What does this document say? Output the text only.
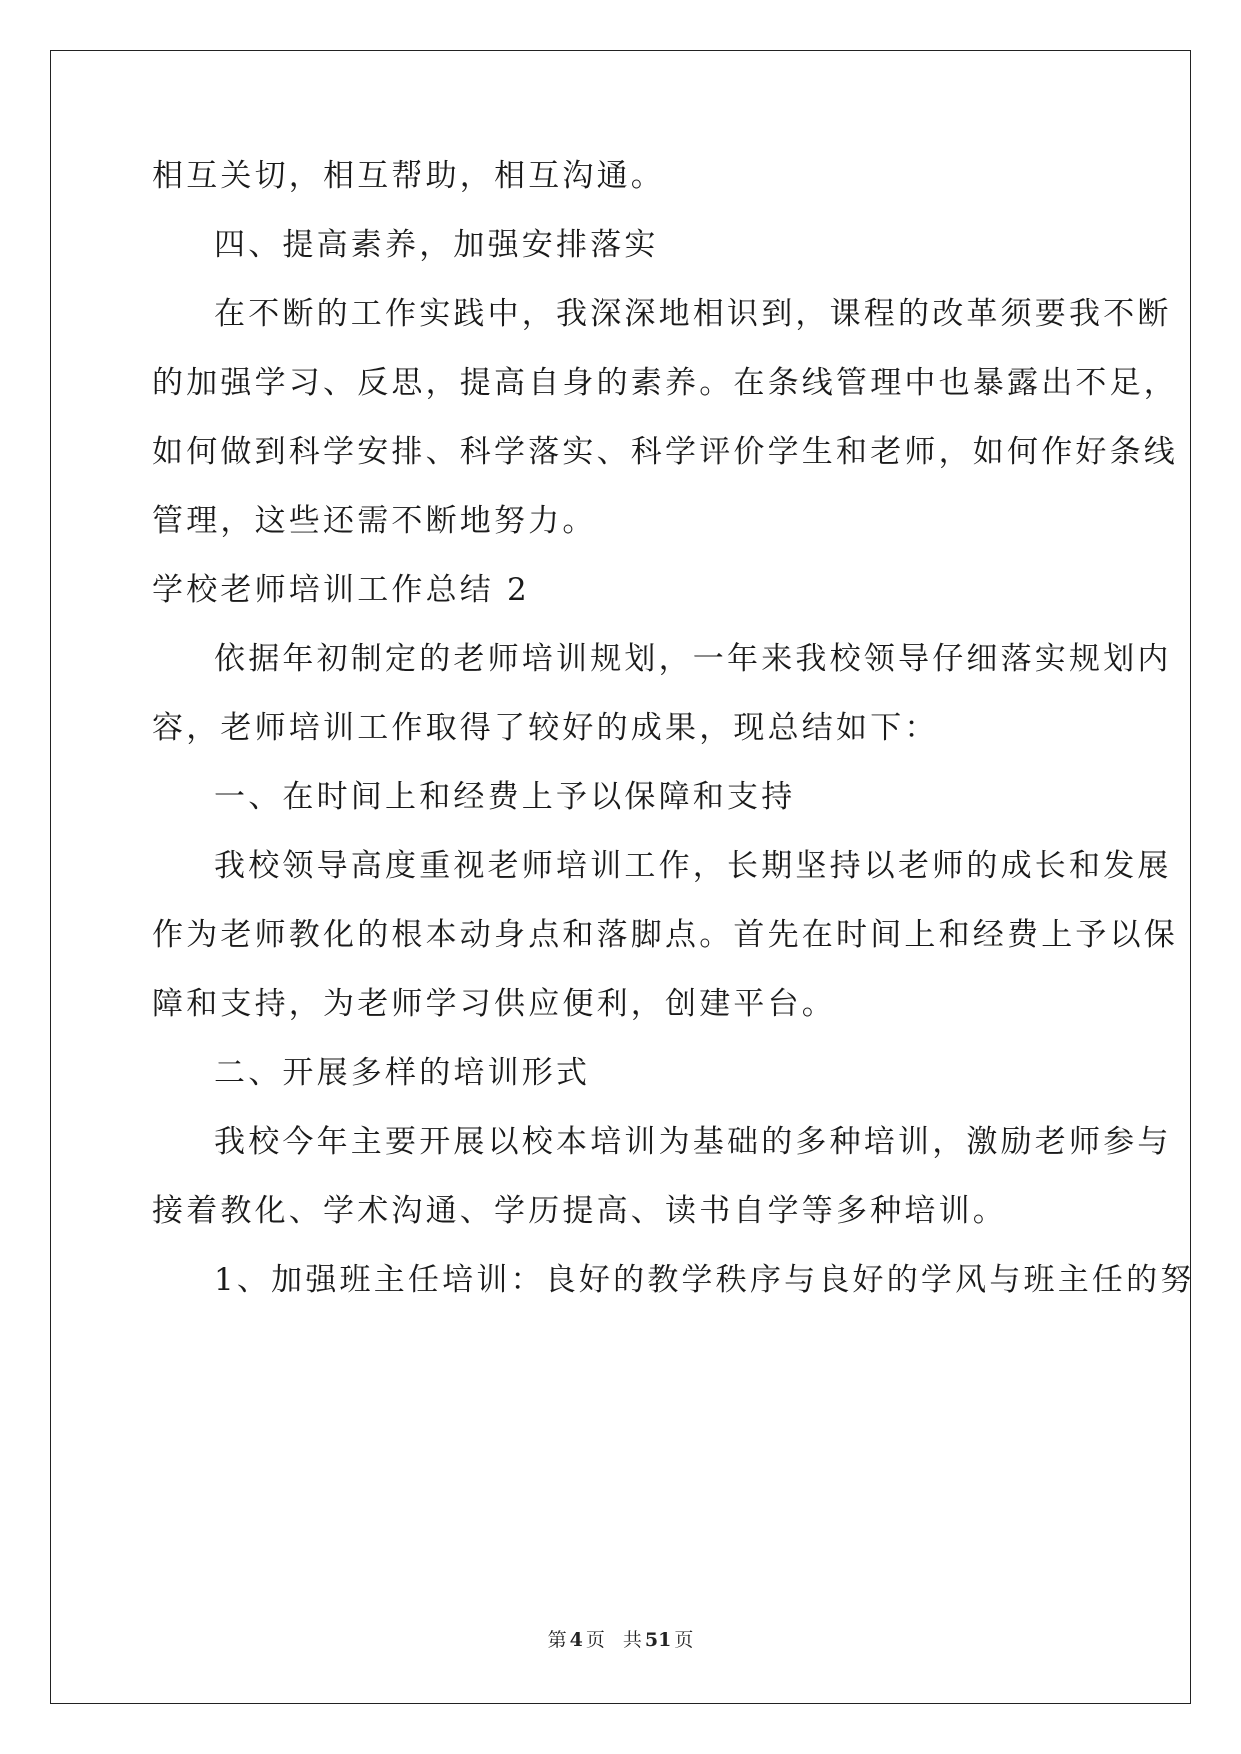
相互关切，相互帮助，相互沟通。
四、提高素养，加强安排落实
在不断的工作实践中，我深深地相识到，课程的改革须要我不断
的加强学习、反思，提高自身的素养。在条线管理中也暴露出不足，
如何做到科学安排、科学落实、科学评价学生和老师，如何作好条线
管理，这些还需不断地努力。
学校老师培训工作总结 2
依据年初制定的老师培训规划，一年来我校领导仔细落实规划内
容，老师培训工作取得了较好的成果，现总结如下：
一、在时间上和经费上予以保障和支持
我校领导高度重视老师培训工作，长期坚持以老师的成长和发展
作为老师教化的根本动身点和落脚点。首先在时间上和经费上予以保
障和支持，为老师学习供应便利，创建平台。
二、开展多样的培训形式
我校今年主要开展以校本培训为基础的多种培训，激励老师参与
接着教化、学术沟通、学历提高、读书自学等多种培训。
1、加强班主任培训：良好的教学秩序与良好的学风与班主任的努
第 4 页 共 51 页
